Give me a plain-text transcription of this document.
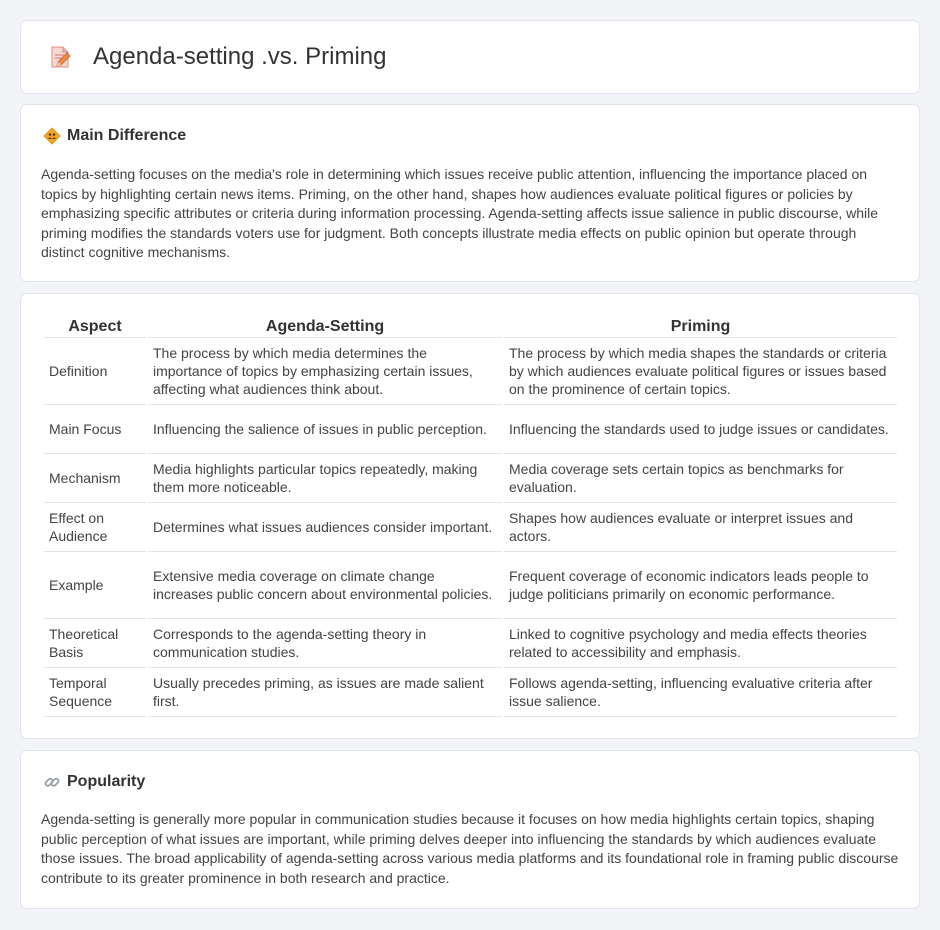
Agenda-setting .vs. Priming
Main Difference

Agenda-setting focuses on the media's role in determining which issues receive public attention, influencing the importance placed on topics by highlighting certain news items. Priming, on the other hand, shapes how audiences evaluate political figures or policies by emphasizing specific attributes or criteria during information processing. Agenda-setting affects issue salience in public discourse, while priming modifies the standards voters use for judgment. Both concepts illustrate media effects on public opinion but operate through distinct cognitive mechanisms.

Aspect	Agenda-Setting	Priming
Definition	The process by which media determines the importance of topics by emphasizing certain issues, affecting what audiences think about.	The process by which media shapes the standards or criteria by which audiences evaluate political figures or issues based on the prominence of certain topics.
Main Focus	Influencing the salience of issues in public perception.	Influencing the standards used to judge issues or candidates.
Mechanism	Media highlights particular topics repeatedly, making them more noticeable.	Media coverage sets certain topics as benchmarks for evaluation.
Effect on Audience	Determines what issues audiences consider important.	Shapes how audiences evaluate or interpret issues and actors.
Example	Extensive media coverage on climate change increases public concern about environmental policies.	Frequent coverage of economic indicators leads people to judge politicians primarily on economic performance.
Theoretical Basis	Corresponds to the agenda-setting theory in communication studies.	Linked to cognitive psychology and media effects theories related to accessibility and emphasis.
Temporal Sequence	Usually precedes priming, as issues are made salient first.	Follows agenda-setting, influencing evaluative criteria after issue salience.
Popularity

Agenda-setting is generally more popular in communication studies because it focuses on how media highlights certain topics, shaping public perception of what issues are important, while priming delves deeper into influencing the standards by which audiences evaluate those issues. The broad applicability of agenda-setting across various media platforms and its foundational role in framing public discourse contribute to its greater prominence in both research and practice.
